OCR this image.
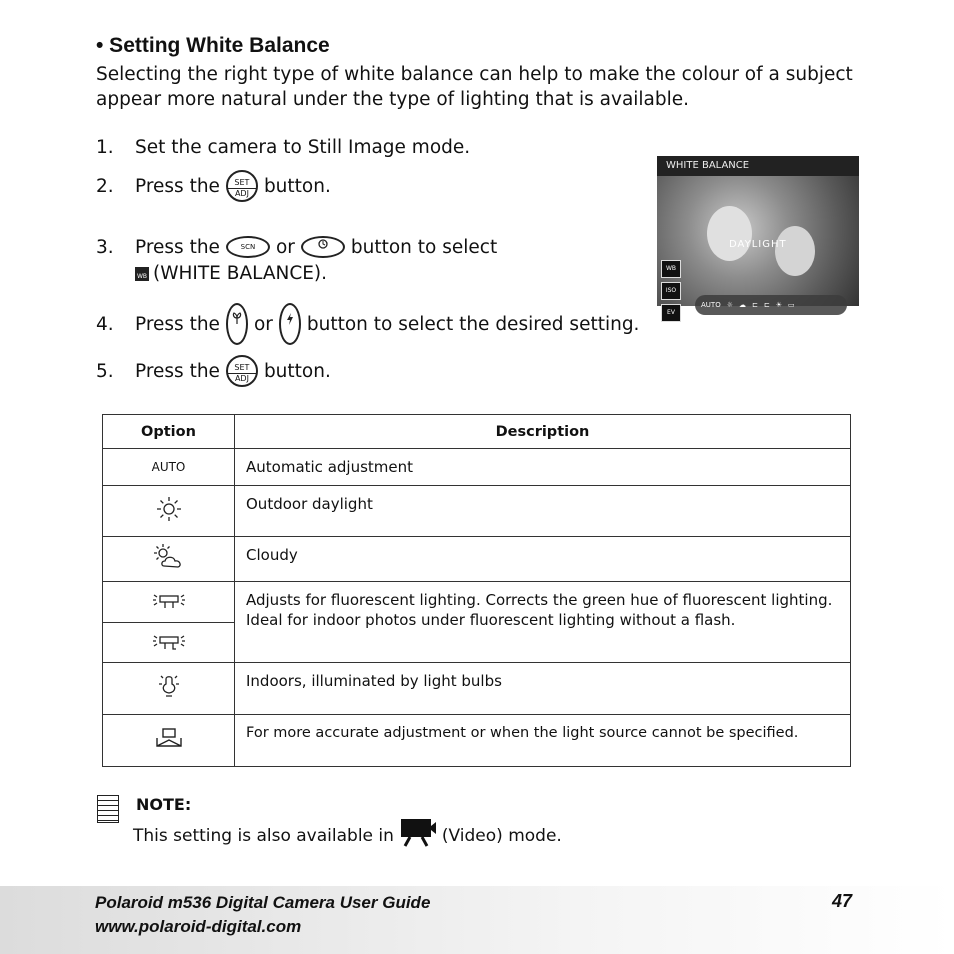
• Setting White Balance
Selecting the right type of white balance can help to make the colour of a subject appear more natural under the type of lighting that is available.
1.	Set the camera to Still Image mode.
2.	Press the	SET
ADJ button.
3.	Press the	SCN	or	button to select
WB (WHITE BALANCE).
4.	Press the or button to select the desired setting.
5.	Press the	SET
ADJ button.
WHITE BALANCE
DAYLIGHT
WB
ISO
EV
AUTO ☼ ☁ ⊏ ⊏ ☀ ▭
Option	Description
AUTO	Automatic adjustment
	Outdoor daylight
	Cloudy
	Adjusts for fluorescent lighting. Corrects the green hue of fluorescent lighting. Ideal for indoor photos under fluorescent lighting without a flash.

	Indoors, illuminated by light bulbs
	For more accurate adjustment or when the light source cannot be specified.
NOTE:
This setting is also available in	(Video) mode.
Polaroid m536 Digital Camera User Guide
www.polaroid-digital.com
47
